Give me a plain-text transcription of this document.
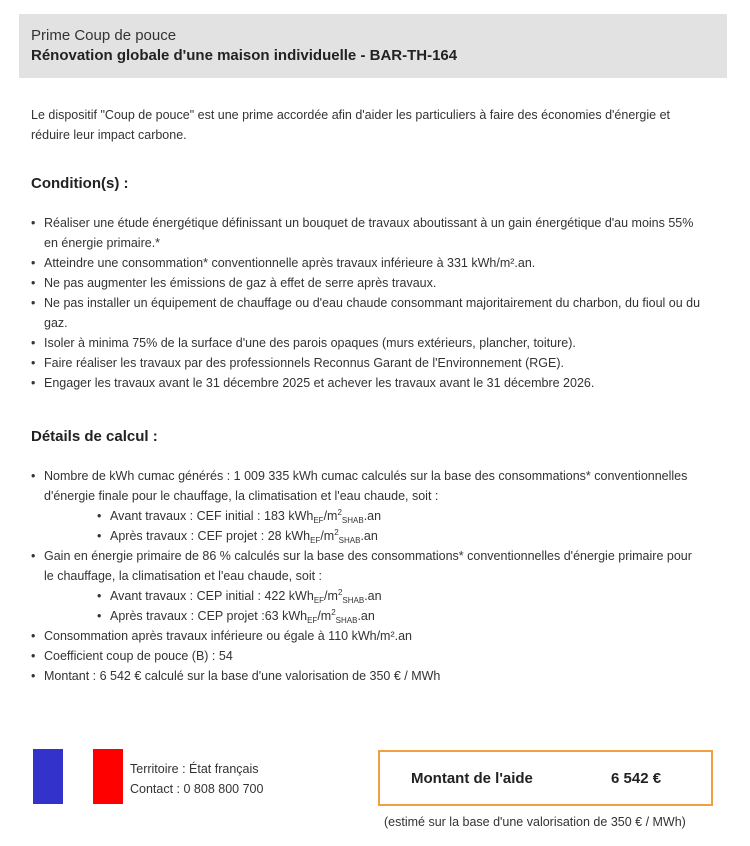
Prime Coup de pouce
Rénovation globale d'une maison individuelle - BAR-TH-164
Le dispositif "Coup de pouce" est une prime accordée afin d'aider les particuliers à faire des économies d'énergie et réduire leur impact carbone.
Condition(s) :
• Réaliser une étude énergétique définissant un bouquet de travaux aboutissant à un gain énergétique d'au moins 55% en énergie primaire.*
• Atteindre une consommation* conventionnelle après travaux inférieure à 331 kWh/m².an.
• Ne pas augmenter les émissions de gaz à effet de serre après travaux.
• Ne pas installer un équipement de chauffage ou d'eau chaude consommant majoritairement du charbon, du fioul ou du gaz.
• Isoler à minima 75% de la surface d'une des parois opaques (murs extérieurs, plancher, toiture).
• Faire réaliser les travaux par des professionnels Reconnus Garant de l'Environnement (RGE).
• Engager les travaux avant le 31 décembre 2025 et achever les travaux avant le 31 décembre 2026.
Détails de calcul :
• Nombre de kWh cumac générés : 1 009 335 kWh cumac calculés sur la base des consommations* conventionnelles d'énergie finale pour le chauffage, la climatisation et l'eau chaude, soit :
• Avant travaux : CEF initial : 183 $kWh_{EF}/m^2_{SHAB}.an$
• Après travaux : CEF projet : 28 $kWh_{EF}/m^2_{SHAB}.an$
• Gain en énergie primaire de 86 % calculés sur la base des consommations* conventionnelles d'énergie primaire pour le chauffage, la climatisation et l'eau chaude, soit :
• Avant travaux : CEP initial : 422 $kWh_{EF}/m^2_{SHAB}.an$
• Après travaux : CEP projet :63 $kWh_{EF}/m^2_{SHAB}.an$
• Consommation après travaux inférieure ou égale à 110 kWh/m².an
• Coefficient coup de pouce (B) : 54
• Montant : 6 542 € calculé sur la base d'une valorisation de 350 € / MWh
Territoire : État français
Contact : 0 808 800 700
Montant de l'aide	6 542 €
(estimé sur la base d'une valorisation de 350 € / MWh)
